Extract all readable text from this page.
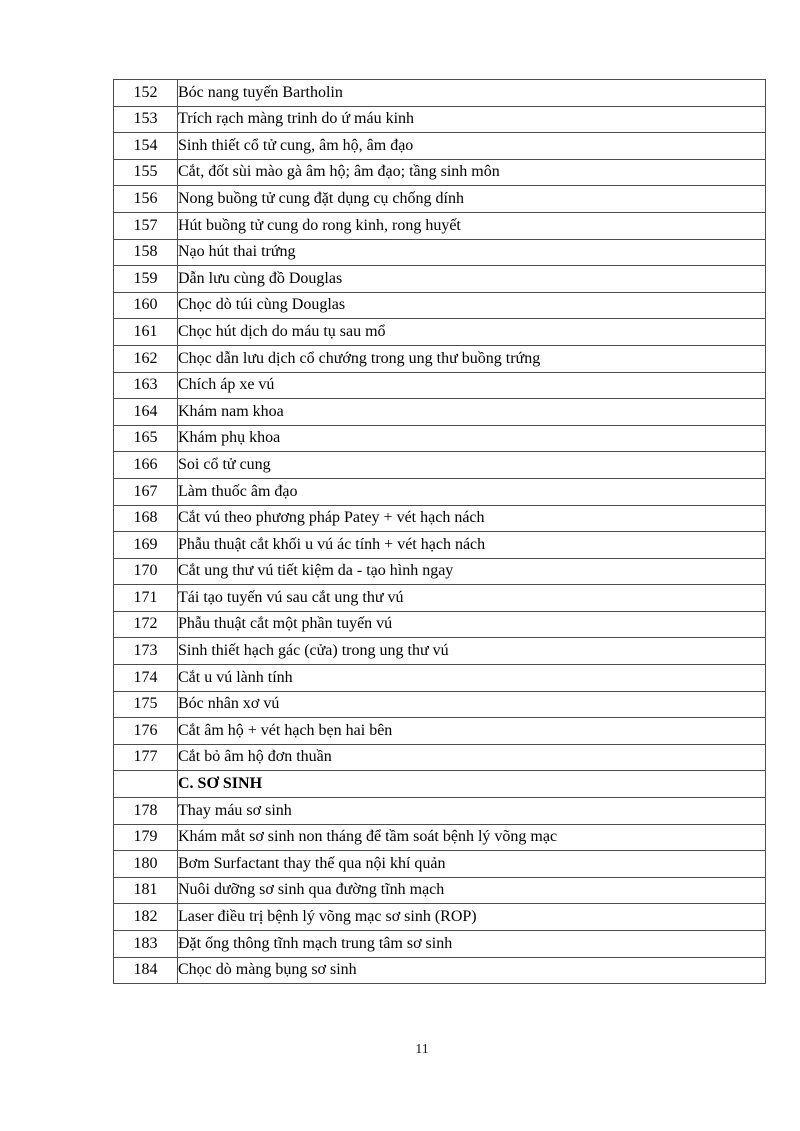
152	Bóc nang tuyến Bartholin
153	Trích rạch màng trinh do ứ máu kinh
154	Sinh thiết cổ tử cung, âm hộ, âm đạo
155	Cắt, đốt sùi mào gà âm hộ; âm đạo; tầng sinh môn
156	Nong buồng tử cung đặt dụng cụ chống dính
157	Hút buồng tử cung do rong kinh, rong huyết
158	Nạo hút thai trứng
159	Dẫn lưu cùng đồ Douglas
160	Chọc dò túi cùng Douglas
161	Chọc hút dịch do máu tụ sau mổ
162	Chọc dẫn lưu dịch cổ chướng trong ung thư buồng trứng
163	Chích áp xe vú
164	Khám nam khoa
165	Khám phụ khoa
166	Soi cổ tử cung
167	Làm thuốc âm đạo
168	Cắt vú theo phương pháp Patey + vét hạch nách
169	Phẫu thuật cắt khối u vú ác tính + vét hạch nách
170	Cắt ung thư vú tiết kiệm da - tạo hình ngay
171	Tái tạo tuyến vú sau cắt ung thư vú
172	Phẫu thuật cắt một phần tuyến vú
173	Sinh thiết hạch gác (cửa) trong ung thư vú
174	Cắt u vú lành tính
175	Bóc nhân xơ vú
176	Cắt âm hộ + vét hạch bẹn hai bên
177	Cắt bỏ âm hộ đơn thuần
	C. SƠ SINH
178	Thay máu sơ sinh
179	Khám mắt sơ sinh non tháng để tầm soát bệnh lý võng mạc
180	Bơm Surfactant thay thế qua nội khí quản
181	Nuôi dưỡng sơ sinh qua đường tĩnh mạch
182	Laser điều trị bệnh lý võng mạc sơ sinh (ROP)
183	Đặt ống thông tĩnh mạch trung tâm sơ sinh
184	Chọc dò màng bụng sơ sinh
11
